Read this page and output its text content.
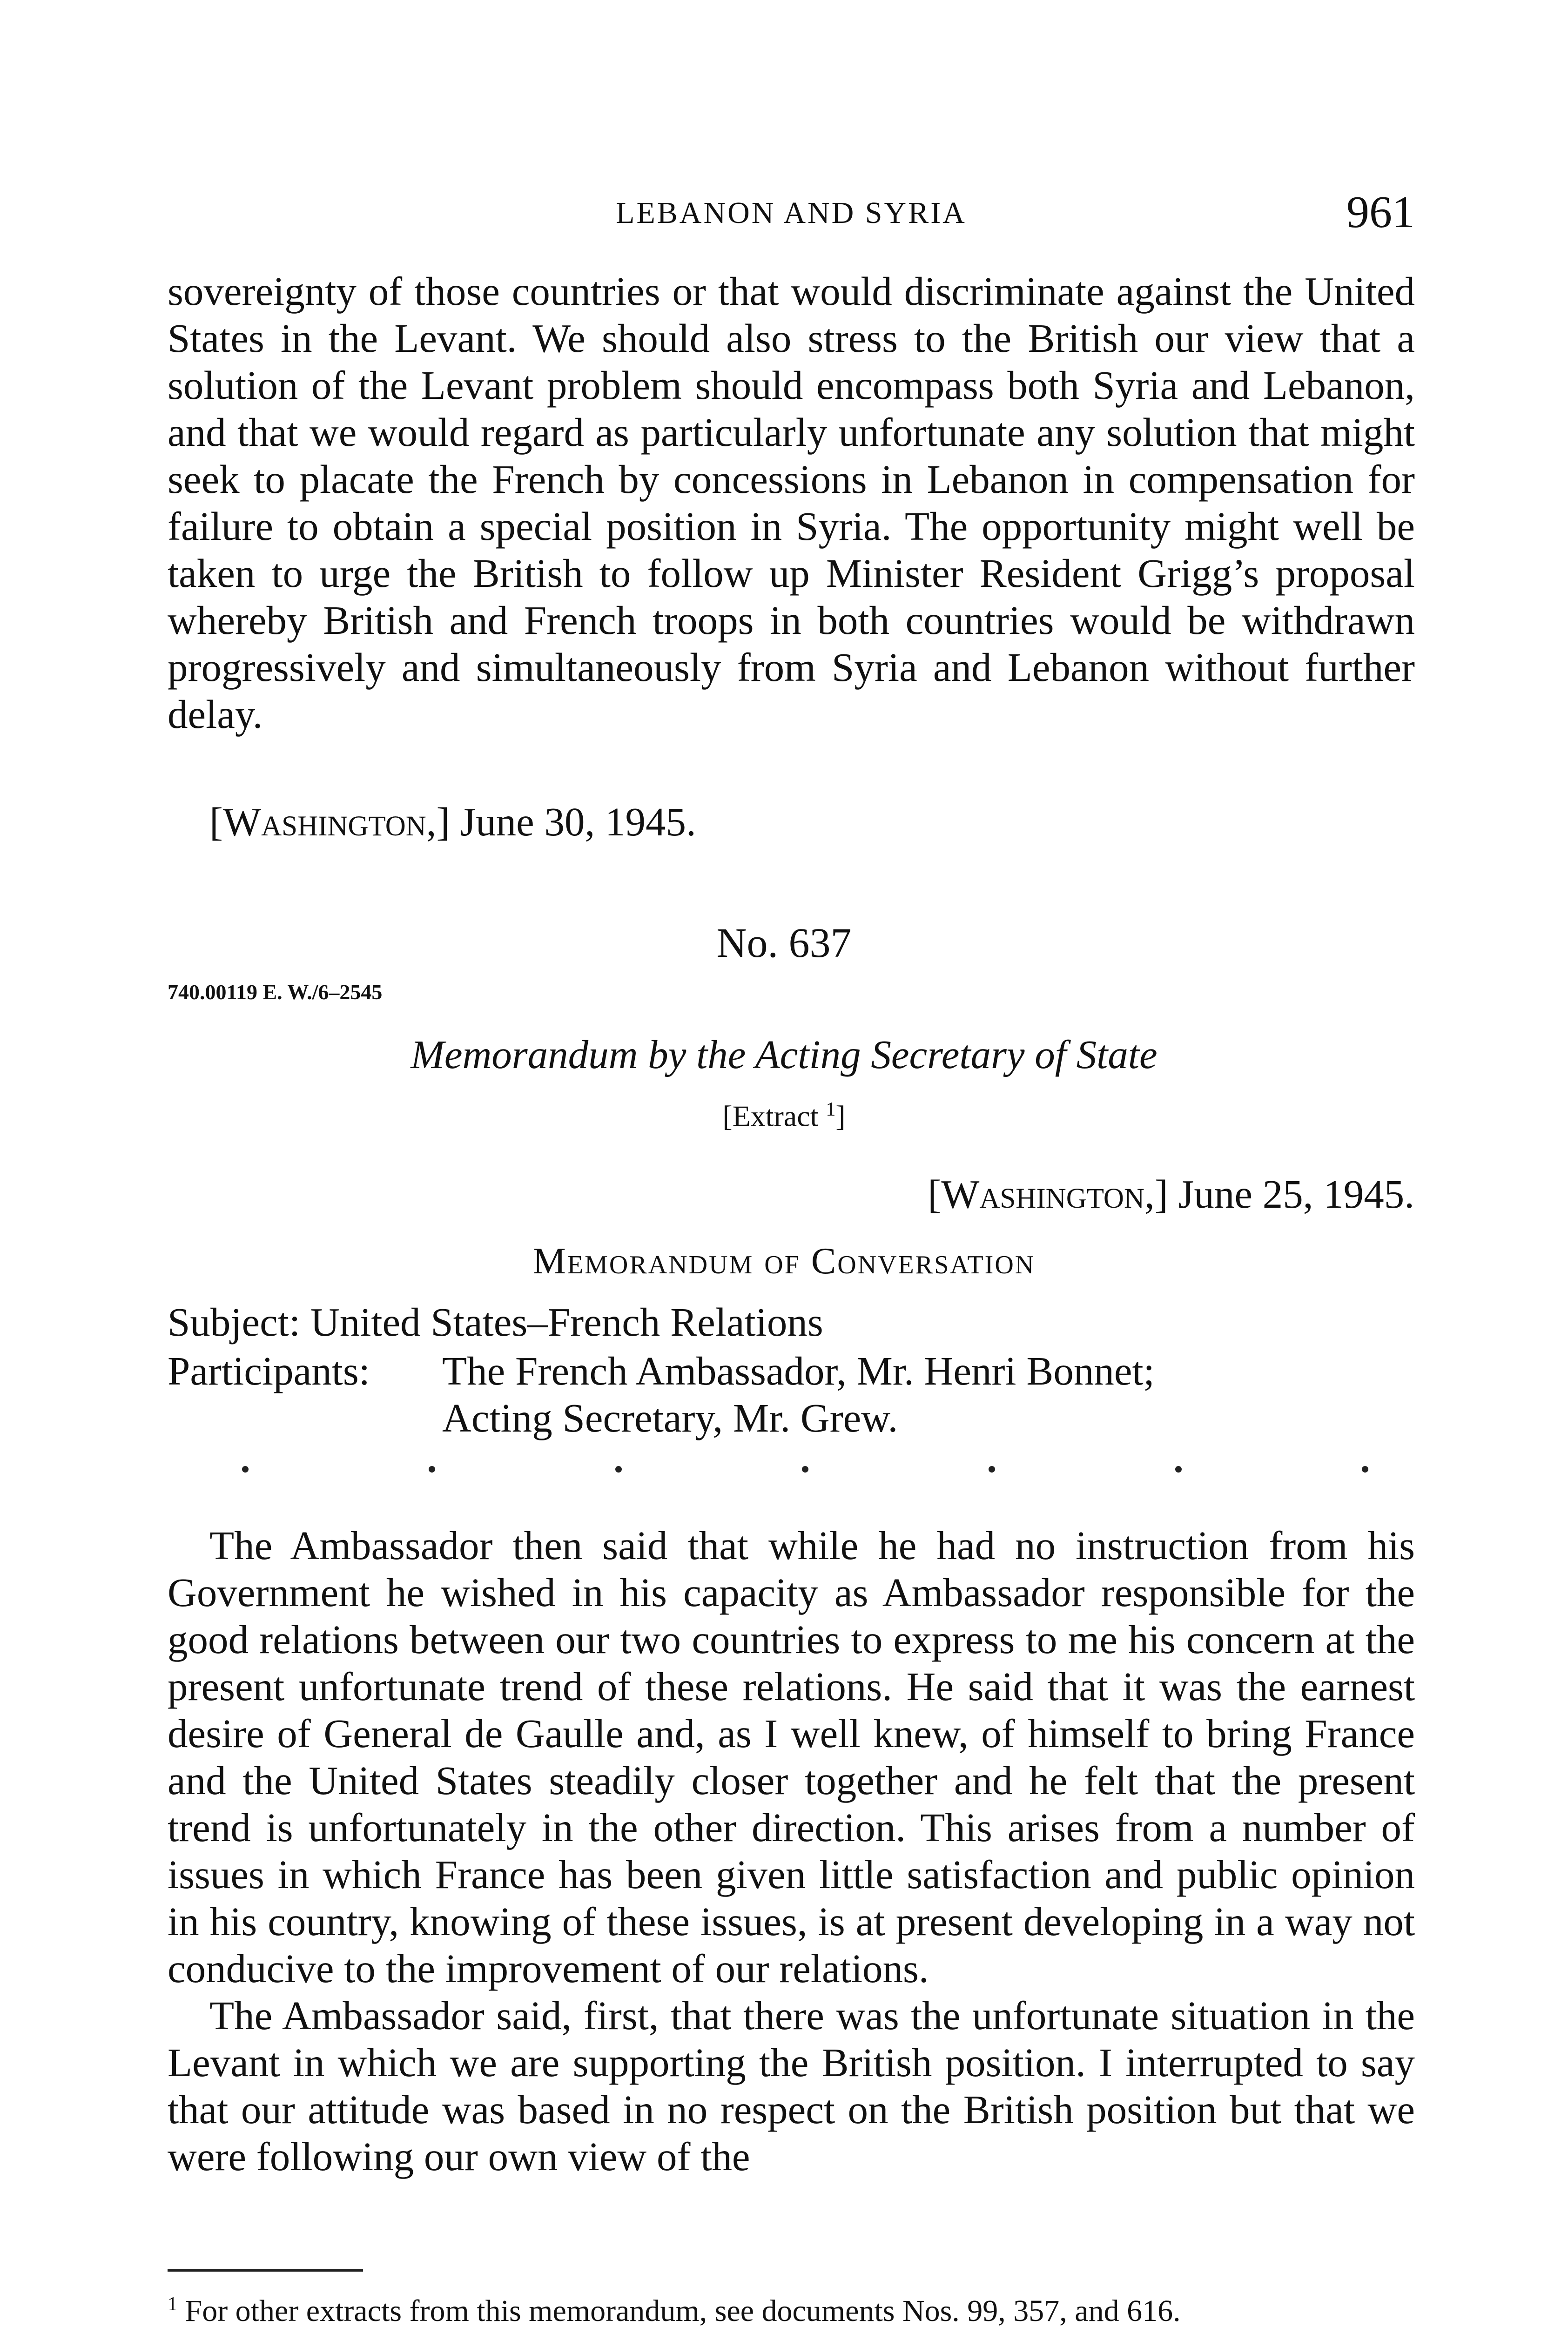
LEBANON AND SYRIA	961

sovereignty of those countries or that would discriminate against the United States in the Levant. We should also stress to the British our view that a solution of the Levant problem should encompass both Syria and Lebanon, and that we would regard as particularly unfortunate any solution that might seek to placate the French by concessions in Lebanon in compensation for failure to obtain a special position in Syria. The opportunity might well be taken to urge the British to follow up Minister Resident Grigg’s proposal whereby British and French troops in both countries would be withdrawn progressively and simultaneously from Syria and Lebanon without further delay.

[Washington,] June 30, 1945.
No. 637
740.00119 E. W./6–2545
Memorandum by the Acting Secretary of State
[Extract $^1$]
[Washington,] June 25, 1945.
Memorandum of Conversation
Subject: United States–French Relations
Participants: The French Ambassador, Mr. Henri Bonnet;
Acting Secretary, Mr. Grew.

The Ambassador then said that while he had no instruction from his Government he wished in his capacity as Ambassador responsible for the good relations between our two countries to express to me his concern at the present unfortunate trend of these relations. He said that it was the earnest desire of General de Gaulle and, as I well knew, of himself to bring France and the United States steadily closer together and he felt that the present trend is unfortunately in the other direction. This arises from a number of issues in which France has been given little satisfaction and public opinion in his country, knowing of these issues, is at present developing in a way not conducive to the improvement of our relations.

The Ambassador said, first, that there was the unfortunate situation in the Levant in which we are supporting the British position. I interrupted to say that our attitude was based in no respect on the British position but that we were following our own view of the

$^1$ For other extracts from this memorandum, see documents Nos. 99, 357, and 616.
